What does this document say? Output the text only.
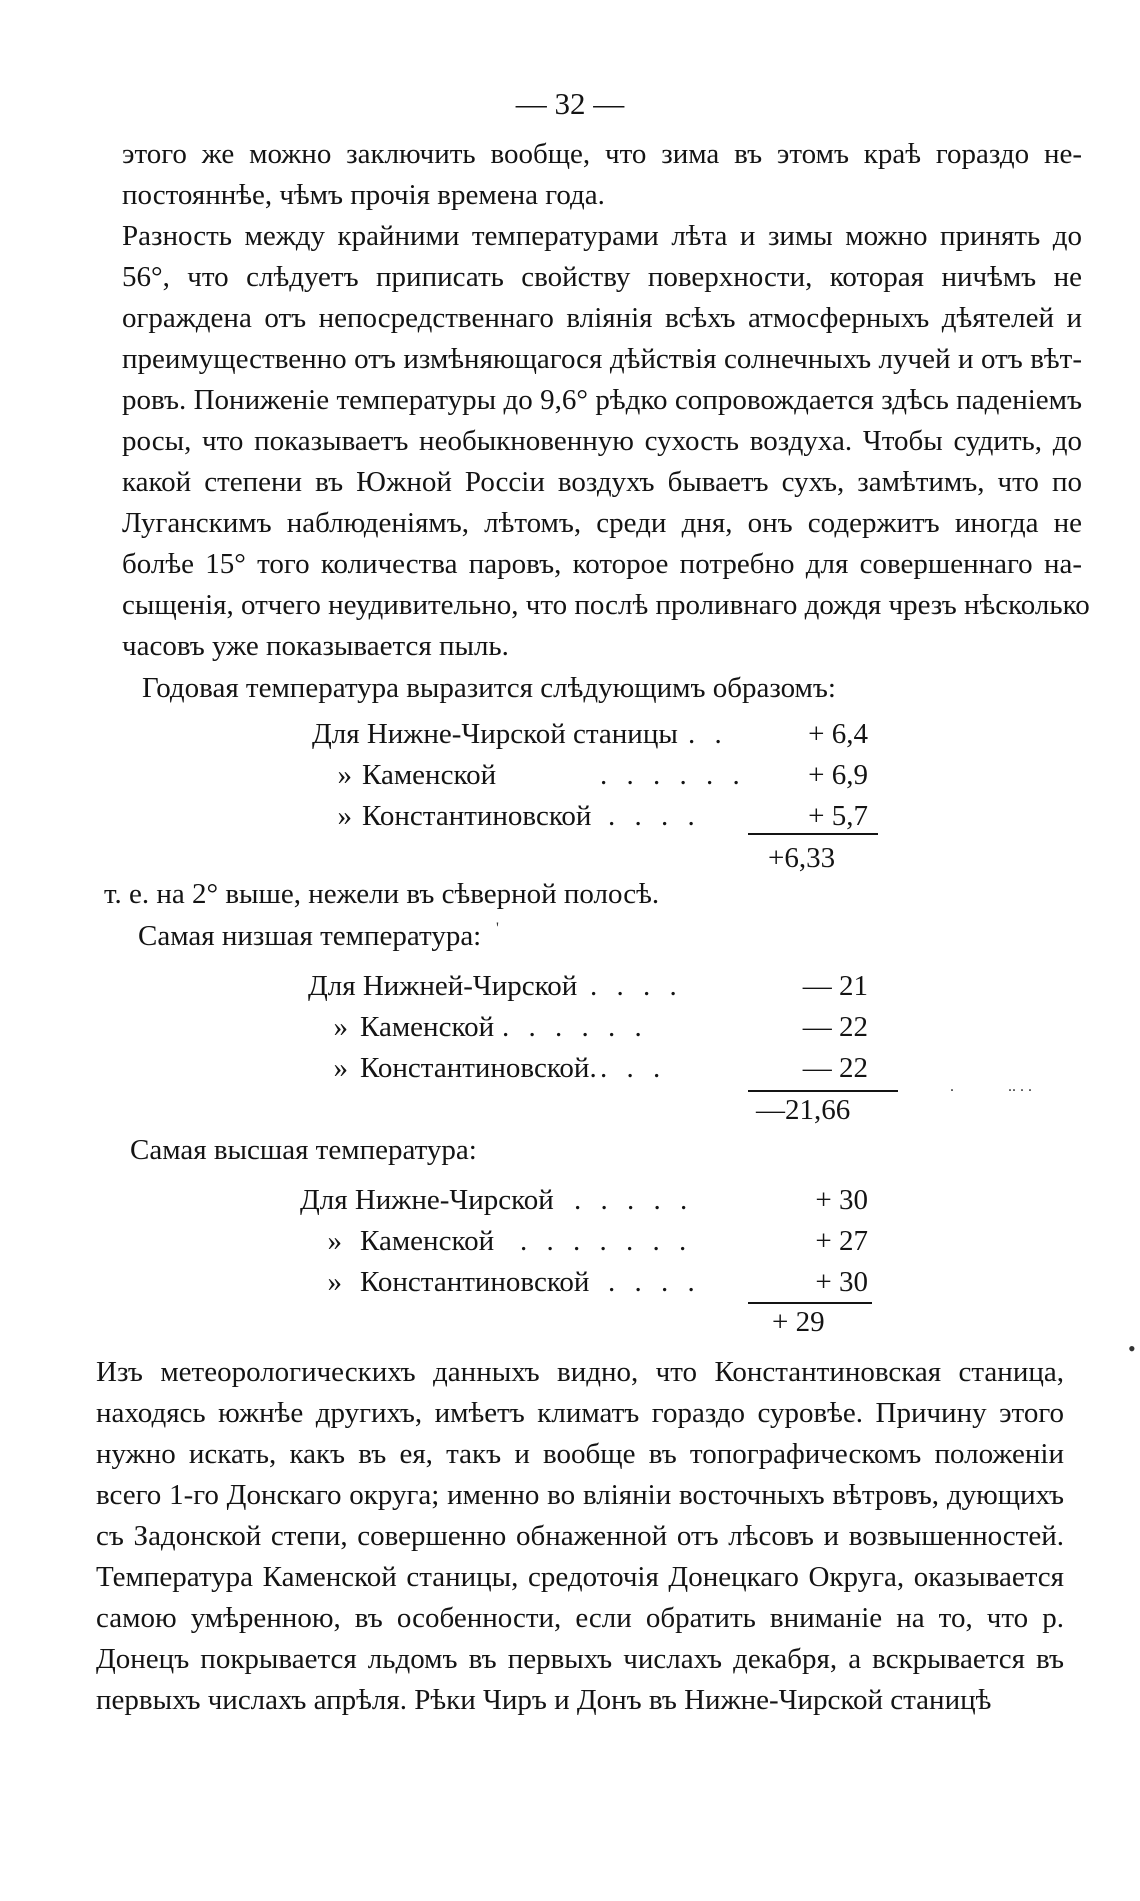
— 32 —
этого же можно заключить вообще, что зима въ этомъ краѣ гораздо не-
постояннѣе, чѣмъ прочія времена года.
Разность между крайними температурами лѣта и зимы можно принять до
56°, что слѣдуетъ приписать свойству поверхности, которая ничѣмъ не
ограждена отъ непосредственнаго вліянія всѣхъ атмосферныхъ дѣятелей и
преимущественно отъ измѣняющагося дѣйствія солнечныхъ лучей и отъ вѣт-
ровъ. Пониженіе температуры до 9,6° рѣдко сопровождается здѣсь паденіемъ
росы, что показываетъ необыкновенную сухость воздуха. Чтобы судить, до
какой степени въ Южной Россіи воздухъ бываетъ сухъ, замѣтимъ, что по
Луганскимъ наблюденіямъ, лѣтомъ, среди дня, онъ содержитъ иногда не
болѣе 15° того количества паровъ, которое потребно для совершеннаго на-
сыщенія, отчего неудивительно, что послѣ проливнаго дождя чрезъ нѣсколько
часовъ уже показывается пыль.
Годовая температура выразится слѣдующимъ образомъ:
Для Нижне-Чирской станицы . .	+ 6,4
» Каменской	. . . . . .	+ 6,9
» Константиновской . . . .	+ 5,7
+6,33
т. е. на 2° выше, нежели въ сѣверной полосѣ.
Самая низшая температура: '
Для Нижней-Чирской . . . .	— 21
» Каменской . . . . . .	— 22
» Константиновской. . . .	— 22
—21,66
.	.. . .
Самая высшая температура:
Для Нижне-Чирской . . . . .	+ 30
» Каменской . . . . . . .	+ 27
» Константиновской . . . .	+ 30
+ 29
•
Изъ метеорологическихъ данныхъ видно, что Константиновская станица,
находясь южнѣе другихъ, имѣетъ климатъ гораздо суровѣе. Причину этого
нужно искать, какъ въ ея, такъ и вообще въ топографическомъ положеніи
всего 1-го Донскаго округа; именно во вліяніи восточныхъ вѣтровъ, дующихъ
съ Задонской степи, совершенно обнаженной отъ лѣсовъ и возвышенностей.
Температура Каменской станицы, средоточія Донецкаго Округа, оказывается
самою умѣренною, въ особенности, если обратить вниманіе на то, что р.
Донецъ покрывается льдомъ въ первыхъ числахъ декабря, а вскрывается въ
первыхъ числахъ апрѣля. Рѣки Чиръ и Донъ въ Нижне-Чирской станицѣ
